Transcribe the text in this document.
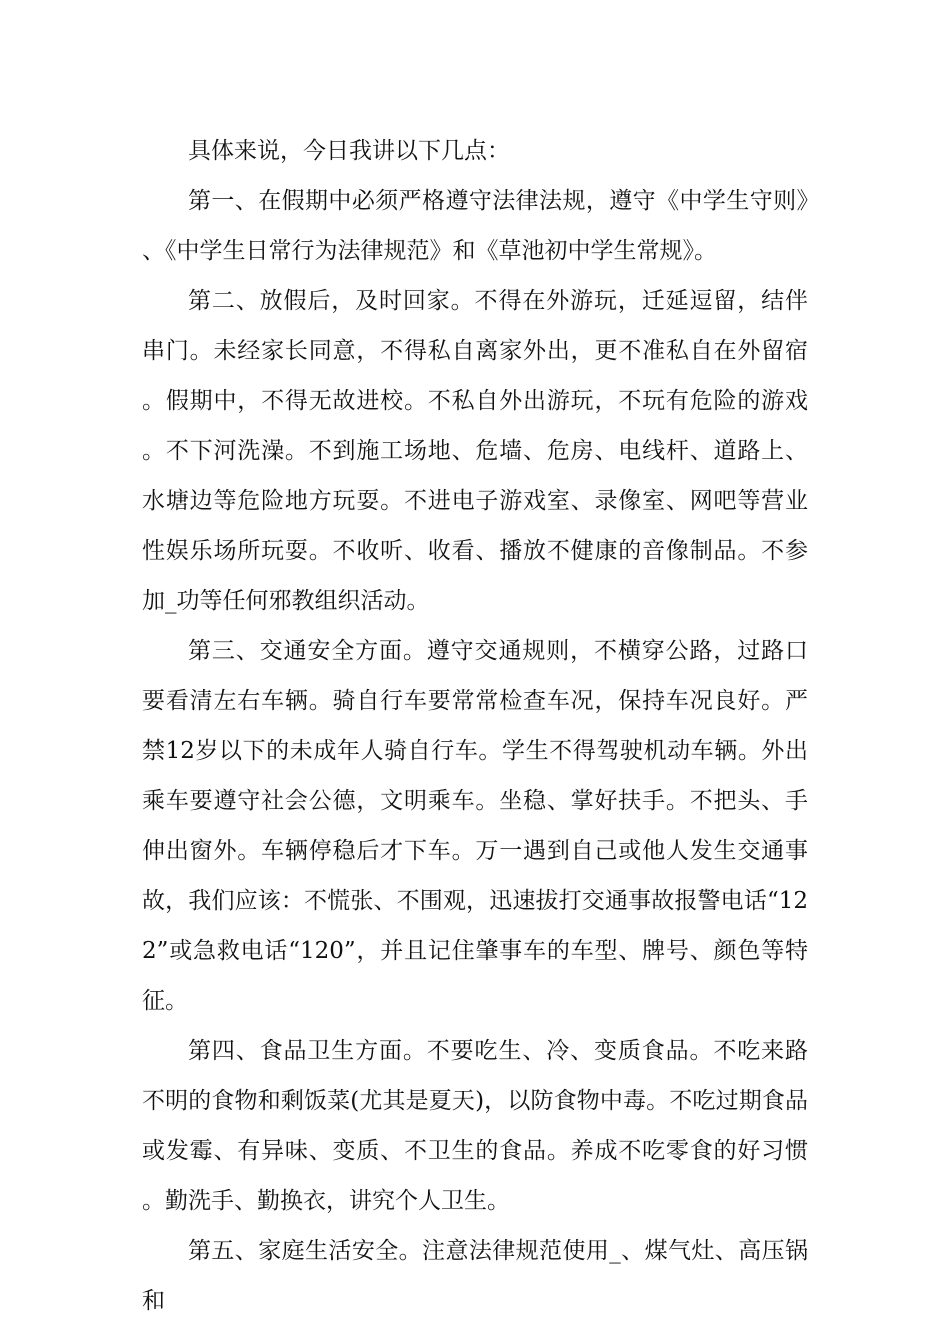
具体来说，今日我讲以下几点：

第一、在假期中必须严格遵守法律法规，遵守《中学生守则》、《中学生日常行为法律规范》和《草池初中学生常规》。

第二、放假后，及时回家。不得在外游玩，迁延逗留，结伴串门。未经家长同意，不得私自离家外出，更不准私自在外留宿。假期中，不得无故进校。不私自外出游玩，不玩有危险的游戏。不下河洗澡。不到施工场地、危墙、危房、电线杆、道路上、水塘边等危险地方玩耍。不进电子游戏室、录像室、网吧等营业性娱乐场所玩耍。不收听、收看、播放不健康的音像制品。不参加_功等任何邪教组织活动。

第三、交通安全方面。遵守交通规则，不横穿公路，过路口要看清左右车辆。骑自行车要常常检查车况，保持车况良好。严禁12岁以下的未成年人骑自行车。学生不得驾驶机动车辆。外出乘车要遵守社会公德，文明乘车。坐稳、掌好扶手。不把头、手伸出窗外。车辆停稳后才下车。万一遇到自己或他人发生交通事故，我们应该：不慌张、不围观，迅速拔打交通事故报警电话“122”或急救电话“120”，并且记住肇事车的车型、牌号、颜色等特征。

第四、食品卫生方面。不要吃生、冷、变质食品。不吃来路不明的食物和剩饭菜(尤其是夏天)，以防食物中毒。不吃过期食品或发霉、有异味、变质、不卫生的食品。养成不吃零食的好习惯。勤洗手、勤换衣，讲究个人卫生。

第五、家庭生活安全。注意法律规范使用_、煤气灶、高压锅和
